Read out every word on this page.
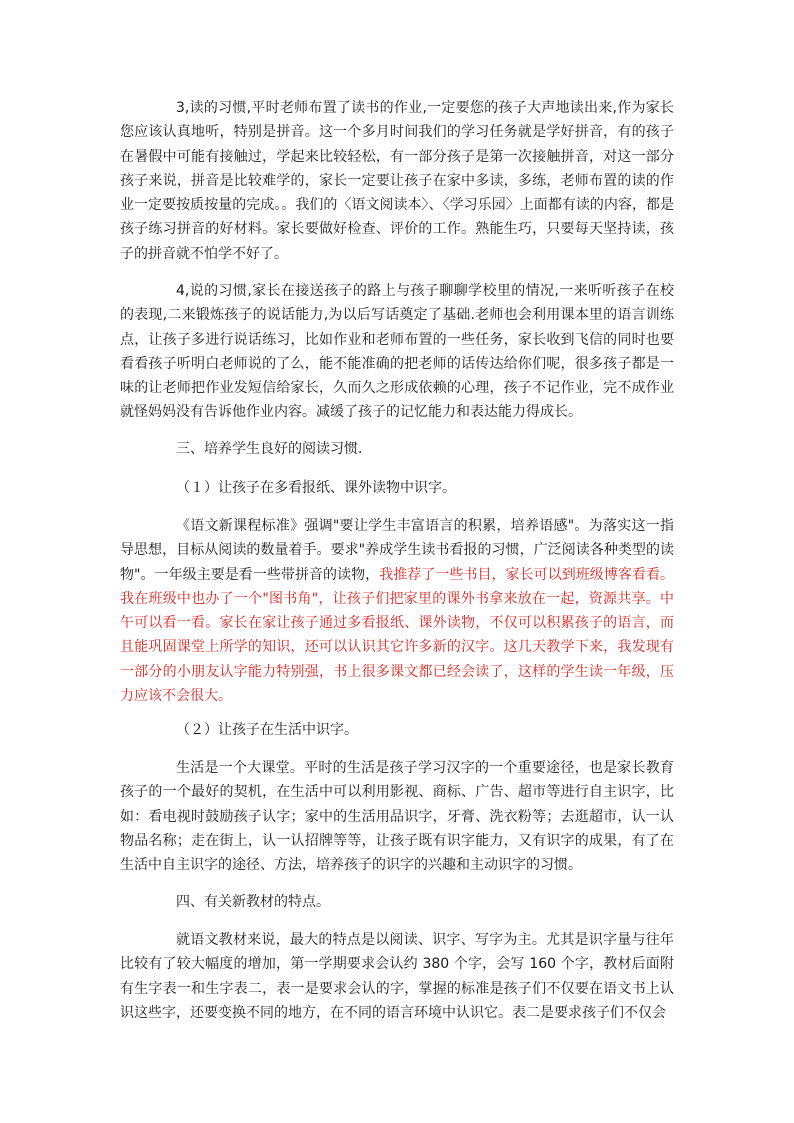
3,读的习惯,平时老师布置了读书的作业,一定要您的孩子大声地读出来,作为家长您应该认真地听，特别是拼音。这一个多月时间我们的学习任务就是学好拼音，有的孩子在暑假中可能有接触过，学起来比较轻松，有一部分孩子是第一次接触拼音，对这一部分孩子来说，拼音是比较难学的，家长一定要让孩子在家中多读，多练，老师布置的读的作业一定要按质按量的完成。。我们的〈语文阅读本〉、〈学习乐园〉上面都有读的内容，都是孩子练习拼音的好材料。家长要做好检查、评价的工作。熟能生巧，只要每天坚持读，孩子的拼音就不怕学不好了。

4,说的习惯,家长在接送孩子的路上与孩子聊聊学校里的情况,一来听听孩子在校的表现,二来锻炼孩子的说话能力,为以后写话奠定了基础.老师也会利用课本里的语言训练点，让孩子多进行说话练习，比如作业和老师布置的一些任务，家长收到飞信的同时也要看看孩子听明白老师说的了么，能不能准确的把老师的话传达给你们呢，很多孩子都是一味的让老师把作业发短信给家长，久而久之形成依赖的心理，孩子不记作业，完不成作业就怪妈妈没有告诉他作业内容。减缓了孩子的记忆能力和表达能力得成长。

三、培养学生良好的阅读习惯.

（１）让孩子在多看报纸、课外读物中识字。

《语文新课程标准》强调"要让学生丰富语言的积累，培养语感"。为落实这一指导思想，目标从阅读的数量着手。要求"养成学生读书看报的习惯，广泛阅读各种类型的读物"。一年级主要是看一些带拼音的读物，我推荐了一些书目，家长可以到班级博客看看。我在班级中也办了一个"图书角"，让孩子们把家里的课外书拿来放在一起，资源共享。中午可以看一看。家长在家让孩子通过多看报纸、课外读物，不仅可以积累孩子的语言，而且能巩固课堂上所学的知识，还可以认识其它许多新的汉字。这几天教学下来，我发现有一部分的小朋友认字能力特别强，书上很多课文都已经会读了，这样的学生读一年级，压力应该不会很大。

（２）让孩子在生活中识字。

生活是一个大课堂。平时的生活是孩子学习汉字的一个重要途径，也是家长教育孩子的一个最好的契机，在生活中可以利用影视、商标、广告、超市等进行自主识字，比如：看电视时鼓励孩子认字；家中的生活用品识字，牙膏、洗衣粉等；去逛超市，认一认物品名称；走在街上，认一认招牌等等，让孩子既有识字能力，又有识字的成果，有了在生活中自主识字的途径、方法，培养孩子的识字的兴趣和主动识字的习惯。

四、有关新教材的特点。

就语文教材来说，最大的特点是以阅读、识字、写字为主。尤其是识字量与往年比较有了较大幅度的增加，第一学期要求会认约 380 个字，会写 160 个字，教材后面附有生字表一和生字表二，表一是要求会认的字，掌握的标准是孩子们不仅要在语文书上认识这些字，还要变换不同的地方，在不同的语言环境中认识它。表二是要求孩子们不仅会
